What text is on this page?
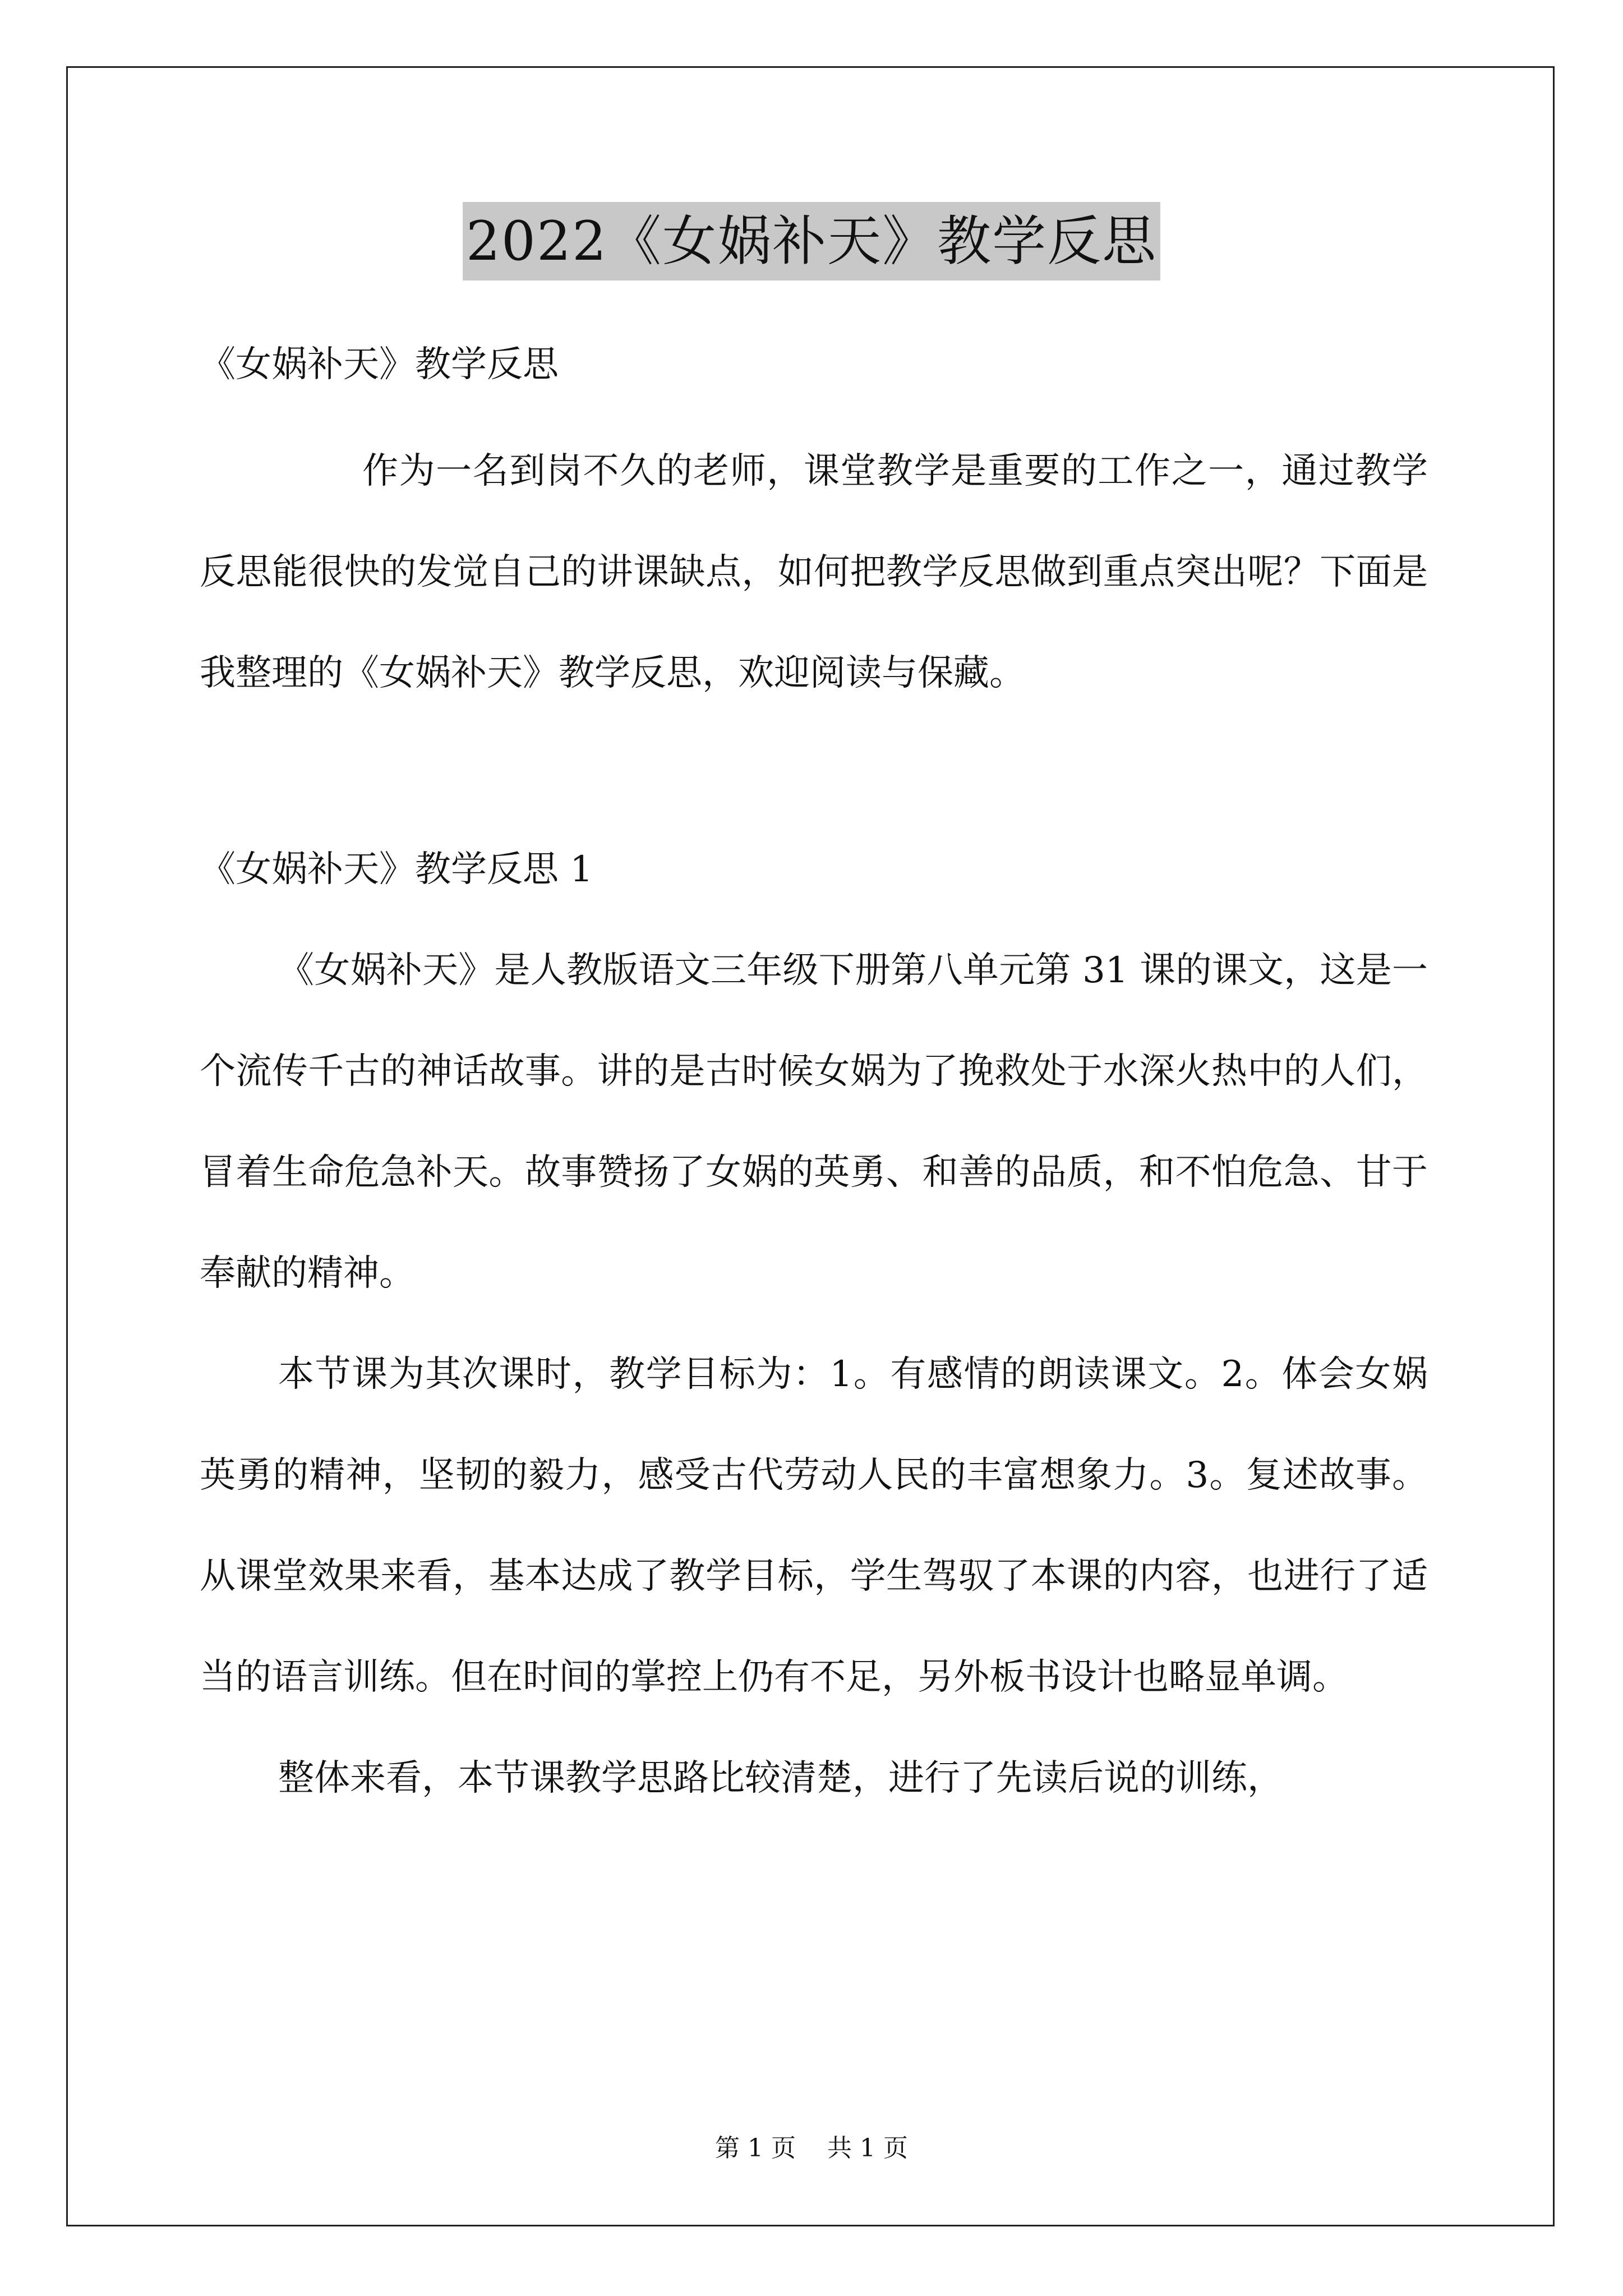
2022《女娲补天》教学反思

《女娲补天》教学反思

作为一名到岗不久的老师，课堂教学是重要的工作之一，通过教学反思能很快的发觉自己的讲课缺点，如何把教学反思做到重点突出呢？下面是我整理的《女娲补天》教学反思，欢迎阅读与保藏。

《女娲补天》教学反思 1

《女娲补天》是人教版语文三年级下册第八单元第 31 课的课文，这是一个流传千古的神话故事。讲的是古时候女娲为了挽救处于水深火热中的人们，冒着生命危急补天。故事赞扬了女娲的英勇、和善的品质，和不怕危急、甘于奉献的精神。

本节课为其次课时，教学目标为：1。有感情的朗读课文。2。体会女娲英勇的精神，坚韧的毅力，感受古代劳动人民的丰富想象力。3。复述故事。从课堂效果来看，基本达成了教学目标，学生驾驭了本课的内容，也进行了适当的语言训练。但在时间的掌控上仍有不足，另外板书设计也略显单调。

整体来看，本节课教学思路比较清楚，进行了先读后说的训练，

第 1 页 共 1 页
